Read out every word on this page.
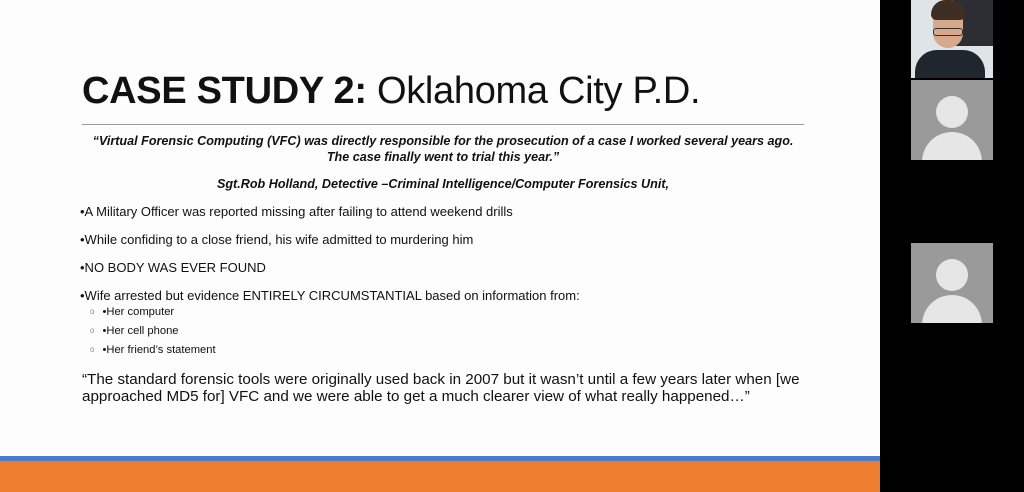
CASE STUDY 2: Oklahoma City P.D.
“Virtual Forensic Computing (VFC) was directly responsible for the prosecution of a case I worked several years ago. The case finally went to trial this year.”
Sgt.Rob Holland, Detective –Criminal Intelligence/Computer Forensics Unit,
•A Military Officer was reported missing after failing to attend weekend drills
•While confiding to a close friend, his wife admitted to murdering him
•NO BODY WAS EVER FOUND
•Wife arrested but evidence ENTIRELY CIRCUMSTANTIAL based on information from:
o •Her computer
o •Her cell phone
o •Her friend’s statement
“The standard forensic tools were originally used back in 2007 but it wasn’t until a few years later when [we approached MD5 for] VFC and we were able to get a much clearer view of what really happened…”
